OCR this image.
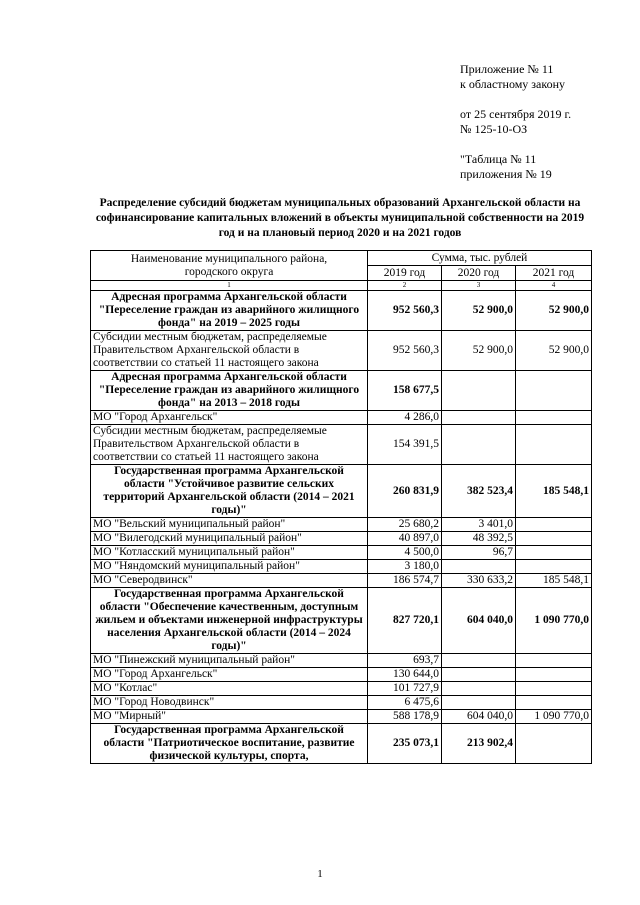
Приложение № 11
к областному закону
от 25 сентября 2019 г.
№ 125-10-ОЗ
"Таблица № 11
приложения № 19
Распределение субсидий бюджетам муниципальных образований Архангельской области на софинансирование капитальных вложений в объекты муниципальной собственности на 2019 год и на плановый период 2020 и на 2021 годов
Наименование муниципального района, городского округа	Сумма, тыс. рублей		
	2019 год	2020 год	2021 год
1	2	3	4
Адресная программа Архангельской области "Переселение граждан из аварийного жилищного фонда" на 2019 – 2025 годы	952 560,3	52 900,0	52 900,0
Субсидии местным бюджетам, распределяемые Правительством Архангельской области в соответствии со статьей 11 настоящего закона	952 560,3	52 900,0	52 900,0
Адресная программа Архангельской области "Переселение граждан из аварийного жилищного фонда" на 2013 – 2018 годы	158 677,5		
МО "Город Архангельск"	4 286,0		
Субсидии местным бюджетам, распределяемые Правительством Архангельской области в соответствии со статьей 11 настоящего закона	154 391,5		
Государственная программа Архангельской области "Устойчивое развитие сельских территорий Архангельской области (2014 – 2021 годы)"	260 831,9	382 523,4	185 548,1
МО "Вельский муниципальный район"	25 680,2	3 401,0	
МО "Вилегодский муниципальный район"	40 897,0	48 392,5	
МО "Котласский муниципальный район"	4 500,0	96,7	
МО "Няндомский муниципальный район"	3 180,0		
МО "Северодвинск"	186 574,7	330 633,2	185 548,1
Государственная программа Архангельской области "Обеспечение качественным, доступным жильем и объектами инженерной инфраструктуры населения Архангельской области (2014 – 2024 годы)"	827 720,1	604 040,0	1 090 770,0
МО "Пинежский муниципальный район"	693,7		
МО "Город Архангельск"	130 644,0		
МО "Котлас"	101 727,9		
МО "Город Новодвинск"	6 475,6		
МО "Мирный"	588 178,9	604 040,0	1 090 770,0
Государственная программа Архангельской области "Патриотическое воспитание, развитие физической культуры, спорта,	235 073,1	213 902,4	
1
